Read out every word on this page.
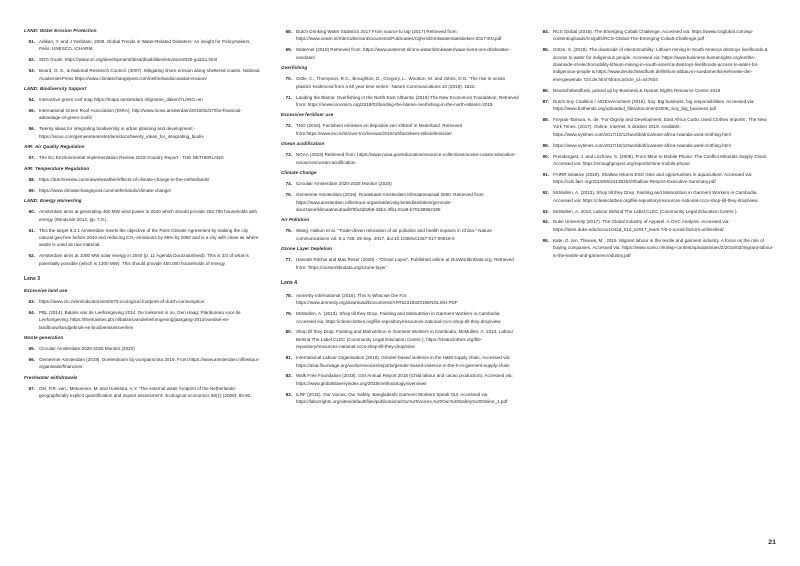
LAND: Water Erosion Protection
51. Adikari, Y. and J Yoshitani. 2009. Global Trends in Water-Related Disasters: An insight for Policymakers. Paris: UNESCO, ICHARM.
52. SDG Goals: https://www.un.org/development/desa/disabilities/envision2030-goal11.html
53. Board, O. S., & National Research Council. (2007). Mitigating shore erosion along sheltered coasts. National AcademiesPress https://www.climatechangepost.com/netherlands/coastal-erosion/
LAND: Biodiversity Support
54. Interactive green roof map https://maps.amsterdam.nl/groene_daken/?LANG=en
55. International Green Roof Association (IGRA), http://www.moss.amsterdam/2016/02/27/the-financial-advantage-of-green-roofs/
56. Twenty ideas for integrating biodiversity in urban planning and development - https://issuu.com/gemeenteamsterdam/docs/twenty_ideas_for_integrating_biodiv
AIR: Air Quality Regulation
57. The EU Environmental Implementation Review 2019 Country Report - THE NETHERLAND
AIR: Temperature Regulation
58. https://dutchreview.com/news/weather/effects-of-climate-change-in-the-netherlands/
59. https://www.climatechangepost.com/netherlands/climate-change/
LAND: Energy Harvesting
60. Amsterdam aims at generating 400 MW wind power in 2040 which should provide 253.700 households with energy (Windvisie 2012, pp. 7,9.),
61. This the target 9.3.1 Amsterdam meets the objective of the Paris Climate Agreement by making the city natural gas-free before 2040 and reducing CO₂-emissions by 95% by 2050 and is a city with clean air where waste is used as raw material.
62. Amsterdam aims at 1000 MW solar energy in 2040 (p. 11 Agenda Duurzaamheid). This is 2/3 of what is potentially possible (which is 1300 MW). This should provide 450.000 households of energy.
Lens 3
Excessive land use
63. https://www.clo.nl/en/indicators/en0075-ecological-footprint-of-dutch-consumption
64. PBL (2014). Balans van de Leefomgeving 2014. De toekomst is nu, Den Haag: Planbureau voor de Leefomgeving. https://themasites.pbl.nl/balansvandeleefomgeving/jaargang-2014/voedsel-en-landbouw/landgebruik-en-biodiversiteitsverlies
Waste generation
65. Circulair Amsterdam 2020-2025 Monitor (2020)
66. Gemeente Amsterdam (2019). Doelenboom bij voorjaarsnota 2019. From:https://www.amsterdam.nl/bestuur-organisatie/financien/.
Freshwater withdrawals
67. Oel, P.R. van., Mekonnen, M. and Hoekstra, A.Y. 'The external water footprint of the Netherlands: geographically explicit quantification and impact assessment'. Ecological economics 69(1) (2009): 92-92.
68. Dutch Drinking Water Statistics 2017 From source to tap (2017) Retrieved from: https://www.vewin.nl/SiteCollectionDocuments/Publicaties/Cijfers/Drinkwaterstatistieken-2017-EN.pdf
69. Waternet (2019) Retrieved from: https://www.waternet.nl/ons-water/drinkwater/waar-komt-ons-drinkwater-vandaan/
Overfishing
70. Ostle, C., Thompson, R.C., Broughton, D., Gregory, L., Wootton, M. and Johns, D.G. 'The rise in ocean plastics evidenced from a 60 year time series'. Nature Communications 10 (2019): 1622.
71. Landing the Blame: Overfishing in the North East Althantic (2019) The New Economics Foundation; Retrieved from: https://neweconomics.org/2019/02/landing-the-blame-overfishing-in-the-north-atlantic-2019
Excessive fertiliser use
72. TNO (2019). Factsheet emissies en depositie van stikstof in Nederland. Retrieved from:https://www.tno.nl/nl/over-tno/nieuws/2019/10/factsheet-stikstofemissie/
Ocean acidification
73. NOAA (2019) Retrieved from: https://www.noaa.gov/education/resource-collections/ocean-coasts-education-resources/ocean-acidification
Climate Change
74. Circulair Amsterdam 2020-2025 Monitor (2020)
75. Gemeente Amsterdam (2019). Routekaart Amsterdam Klimaatneutraal 2050. Retrieved from: https://www.amsterdam.nl/bestuur-organisatie/volg-beleid/ambities/gezonde-duurzame/klimaatneutraal/#hfa2d62b8-3bb1-4fb1-81a9-b70138962185
Air Pollution
76. Wang, Haikun et al. "Trade-driven relocation of air pollution and health impacts in China." Nature communications vol. 8,1 738. 29 Sep. 2017, doi:10.1038/s41467-017-00918-5
Ozone Layer Depletion
77. Hannah Ritchie and Max Roser (2020) - "Ozone Layer". Published online at OurWorldinData.org. Retrieved from: 'https://ourworldindata.org/ozone-layer'
Lens 4
78. Amnesty International (2016). This is What we Die For. https://www.amnesty.org/download/Documents/AFR6231832016ENGLISH.PDF
79. McMullen, A. (2013). Shop till they Drop. Fainting and Malnutrition in Garment Workers in Cambodia. Accessed via: https://cleanclothes.org/file-repository/resources-national-cccs-shop-till-they-drop/view
80. Shop till they Drop. Fainting and Malnutrition in Garment Workers in Cambodia, McMullen, A. 2013, Labour Behind The Label,CLEC (Community Legal Education Centre ), https://cleanclothes.org/file-repository/resources-national-cccs-shop-till-they-drop/view
81. International Labour Organisation (2018). Gender-based violence in the H&M supply chain. Accessed via: https://asia.floorwage.org/workersvoices/reports/gender-based-violence-in-the-h-m-garment-supply-chain
82. Walk Free Foundation (2018). GSI Annual Report 2018 (Child labour and cacao production). Accessed via: https://www.globalslaveryindex.org/2018/methodology/overview/
83. ILRF (2015). Our Voices, Our Safety. Bangladeshi Garment Workers Speak Out. Accessed via https://laborrights.org/sites/default/files/publications/Our%20Voices,%20Our%20Safety%20Online_1.pdf
84. RCS Global (2016). The Emerging Cobalt Challenge. Accessed via: https://www.rcsglobal.com/wp-content/uploads/rcs/pdfs/RCS-Global-The-Emerging-Cobalt-Challenge.pdf
85. Götze, S. (2019). The downside of electromobility: Lithium mining in South America destroys livelihoods & access to water for indigenous people. Accessed via: https://www.business-humanrights.org/en/the-downside-of-electromobility-lithium-mining-in-south-america-destroys-livelihoods-access-to-water-for-indigenous-people & https://www.deutschlandfunk.de/lithium-abbau-in-suedamerika-kehrseite-der-energiewende.724.de.html?dram:article_id=447604
86. Deutschelandfunk, picked up by Business & Human Rights Resource Centre 2019
87. Dutch Soy Coalition / AIDEnvironment (2016). Soy. Big business, big responsibilities. Accessed via: https://www.bothends.org/uploaded_files/document/2006_Soy_big_business.pdf
88. Freytas-Tamura, K. de. 'For Dignity and Development, East Africa Curbs Used Clothes Imports'. The New York Times. (2017). Online. Internet. 5 oktober 2019. Available: https://www.nytimes.com/2017/10/12/world/africa/east-africa-rwanda-used-clothing.html
89. https://www.nytimes.com/2017/10/12/world/africa/east-africa-rwanda-used-clothing.html
90. Prendergast, J. and Lezhnev, S. (2009). From Mine to Mobile Phone: The Conflict Minerals Supply Chain. Accessed via: https://enoughproject.org/reports/mine-mobile-phone
91. FAIRR initiative (2019). Shallow returns ESG risks and opportunities in aquaculture. Accessed via: https://cdn.fairr.org/2019/06/24135353/Shallow-Returns-Executive-Summary.pdf
92. McMullen, A. (2013). Shop till they Drop. Fainting and Malnutrition in Garment Workers in Cambodia. Accessed via: https://cleanclothes.org/file-repository/resources-national-cccs-shop-till-they-drop/view
93. McMullen, A. 2013, Labour Behind The Label,CLEC (Community Legal Education Centre ).
94. Duke University (2017). The Global Industry of Apparel. A GVC Analysis. Accessed via: https://sites.duke.edu/socio1042d_01d_s2017_team-7/6-1-social-factors-unfinished/
95. Kate, G. ten, Theuws, M., 2016. Migrant labour in the textile and garment industry. A focus on the role of buying companies. Accessed via: https://www.somo.nl/nl/wp-content/uploads/sites/2/2016/02/migrant-labour-in-the-textile-and-garment-industry.pdf
21
